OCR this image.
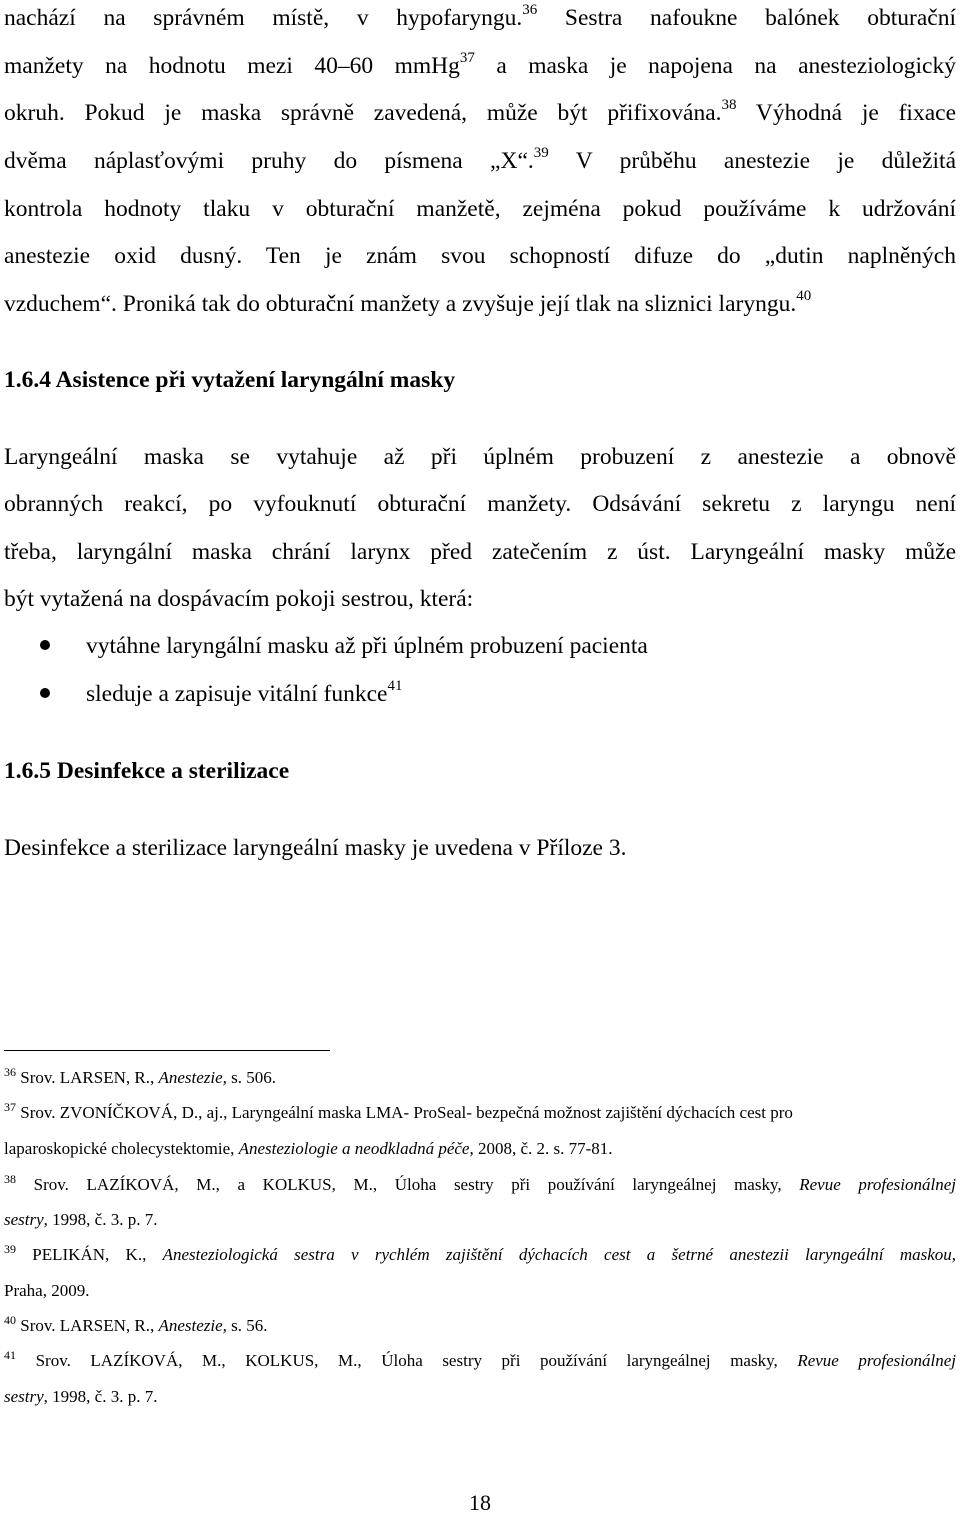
nachází na správném místě, v hypofaryngu.$^{36}$ Sestra nafoukne balónek obturační
manžety na hodnotu mezi 40–60 mmHg$^{37}$ a maska je napojena na anesteziologický
okruh. Pokud je maska správně zavedená, může být přifixována.$^{38}$ Výhodná je fixace
dvěma náplasťovými pruhy do písmena „X“.$^{39}$ V průběhu anestezie je důležitá
kontrola hodnoty tlaku v obturační manžetě, zejména pokud používáme k udržování
anestezie oxid dusný. Ten je znám svou schopností difuze do „dutin naplněných
vzduchem“. Proniká tak do obturační manžety a zvyšuje její tlak na sliznici laryngu.$^{40}$
1.6.4 Asistence při vytažení laryngální masky
Laryngeální maska se vytahuje až při úplném probuzení z anestezie a obnově
obranných reakcí, po vyfouknutí obturační manžety. Odsávání sekretu z laryngu není
třeba, laryngální maska chrání larynx před zatečením z úst. Laryngeální masky může
být vytažená na dospávacím pokoji sestrou, která:
vytáhne laryngální masku až při úplném probuzení pacienta
sleduje a zapisuje vitální funkce$^{41}$
1.6.5 Desinfekce a sterilizace
Desinfekce a sterilizace laryngeální masky je uvedena v Příloze 3.
$^{36}$ Srov. LARSEN, R., Anestezie, s. 506.
$^{37}$ Srov. ZVONÍČKOVÁ, D., aj., Laryngeální maska LMA- ProSeal- bezpečná možnost zajištění dýchacích cest pro
laparoskopické cholecystektomie, Anesteziologie a neodkladná péče, 2008, č. 2. s. 77-81.
$^{38}$ Srov. LAZÍKOVÁ, M., a KOLKUS, M., Úloha sestry při používání laryngeálnej masky, Revue profesionálnej
sestry, 1998, č. 3. p. 7.
$^{39}$ PELIKÁN, K., Anesteziologická sestra v rychlém zajištění dýchacích cest a šetrné anestezii laryngeální maskou,
Praha, 2009.
$^{40}$ Srov. LARSEN, R., Anestezie, s. 56.
$^{41}$ Srov. LAZÍKOVÁ, M., KOLKUS, M., Úloha sestry při používání laryngeálnej masky, Revue profesionálnej
sestry, 1998, č. 3. p. 7.
18
